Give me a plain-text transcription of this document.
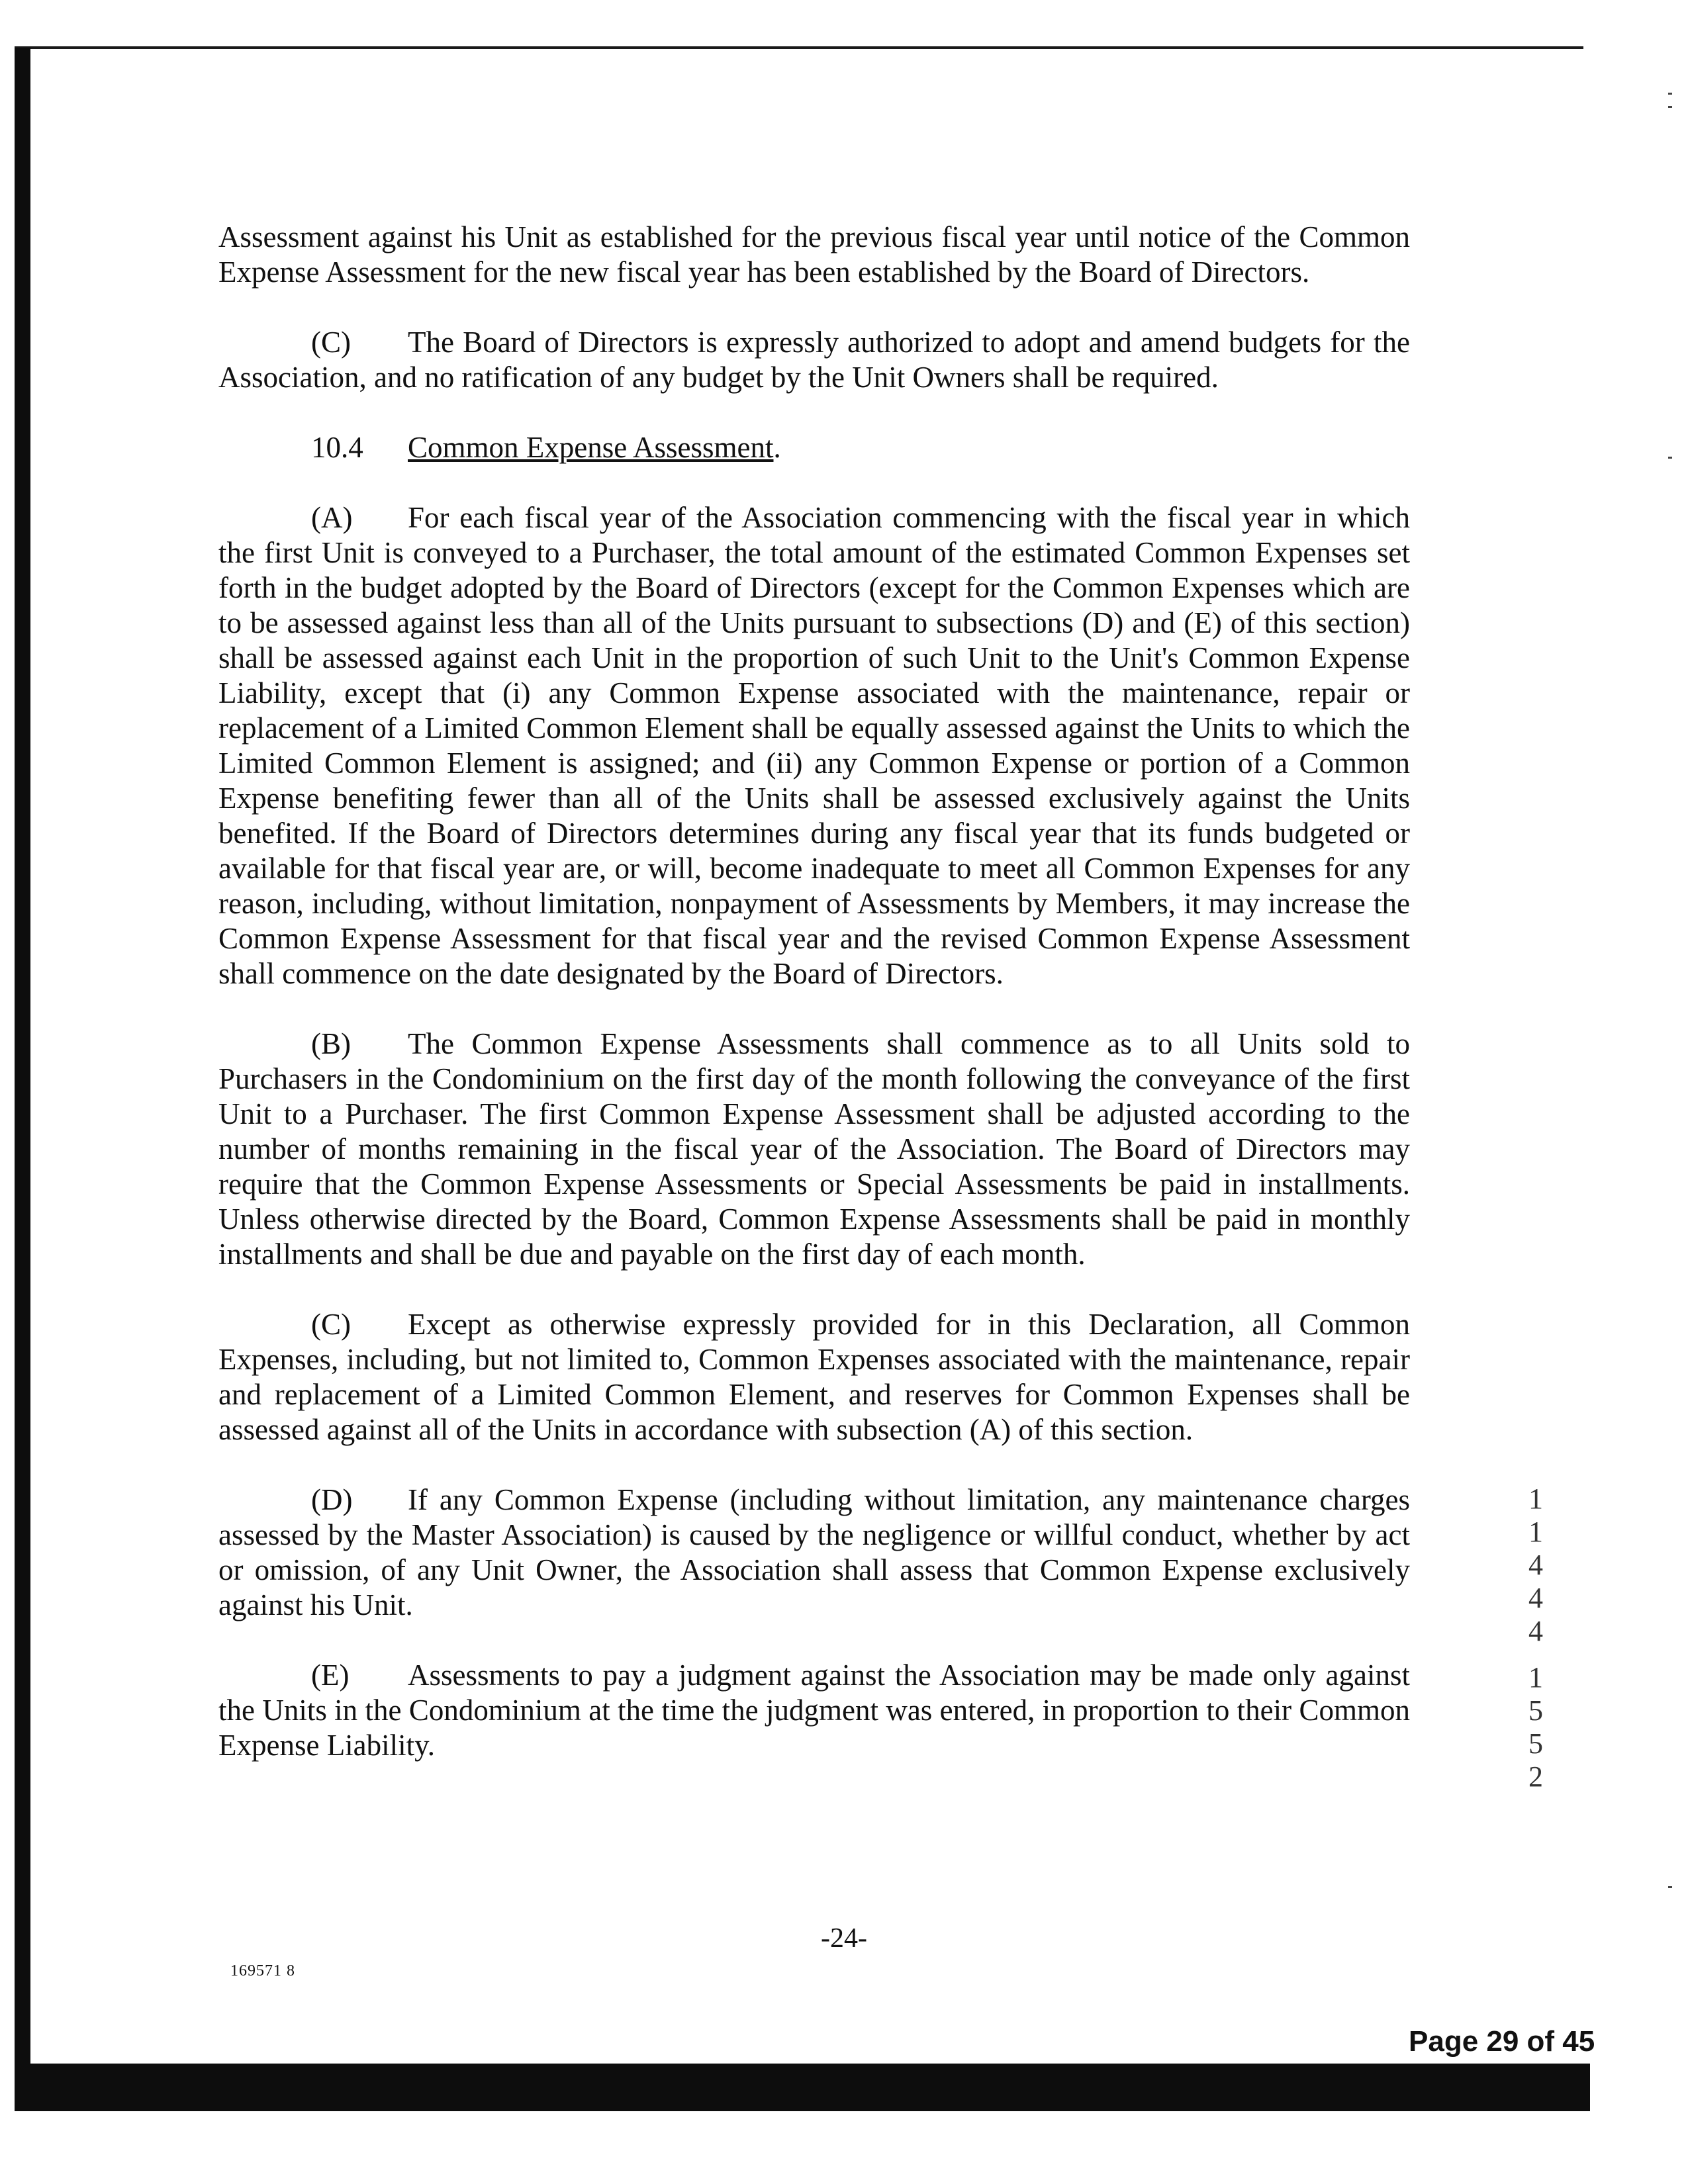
Assessment against his Unit as established for the previous fiscal year until notice of the Common Expense Assessment for the new fiscal year has been established by the Board of Directors.

(C) The Board of Directors is expressly authorized to adopt and amend budgets for the Association, and no ratification of any budget by the Unit Owners shall be required.

10.4 Common Expense Assessment.

(A) For each fiscal year of the Association commencing with the fiscal year in which the first Unit is conveyed to a Purchaser, the total amount of the estimated Common Expenses set forth in the budget adopted by the Board of Directors (except for the Common Expenses which are to be assessed against less than all of the Units pursuant to subsections (D) and (E) of this section) shall be assessed against each Unit in the proportion of such Unit to the Unit's Common Expense Liability, except that (i) any Common Expense associated with the maintenance, repair or replacement of a Limited Common Element shall be equally assessed against the Units to which the Limited Common Element is assigned; and (ii) any Common Expense or portion of a Common Expense benefiting fewer than all of the Units shall be assessed exclusively against the Units benefited. If the Board of Directors determines during any fiscal year that its funds budgeted or available for that fiscal year are, or will, become inadequate to meet all Common Expenses for any reason, including, without limitation, nonpayment of Assessments by Members, it may increase the Common Expense Assessment for that fiscal year and the revised Common Expense Assessment shall commence on the date designated by the Board of Directors.

(B) The Common Expense Assessments shall commence as to all Units sold to Purchasers in the Condominium on the first day of the month following the conveyance of the first Unit to a Purchaser. The first Common Expense Assessment shall be adjusted according to the number of months remaining in the fiscal year of the Association. The Board of Directors may require that the Common Expense Assessments or Special Assessments be paid in installments. Unless otherwise directed by the Board, Common Expense Assessments shall be paid in monthly installments and shall be due and payable on the first day of each month.

(C) Except as otherwise expressly provided for in this Declaration, all Common Expenses, including, but not limited to, Common Expenses associated with the maintenance, repair and replacement of a Limited Common Element, and reserves for Common Expenses shall be assessed against all of the Units in accordance with subsection (A) of this section.

(D) If any Common Expense (including without limitation, any maintenance charges assessed by the Master Association) is caused by the negligence or willful conduct, whether by act or omission, of any Unit Owner, the Association shall assess that Common Expense exclusively against his Unit.

(E) Assessments to pay a judgment against the Association may be made only against the Units in the Condominium at the time the judgment was entered, in proportion to their Common Expense Liability.

-24-
169571 8
1
1
4
4
4
1
5
5
2
Page 29 of 45
